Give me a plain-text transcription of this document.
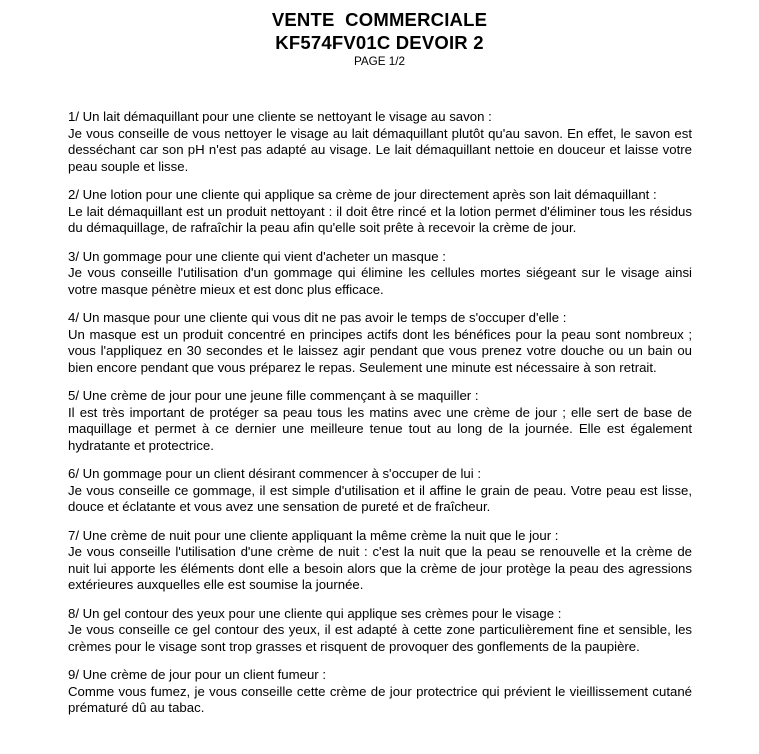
VENTE  COMMERCIALE
KF574FV01C DEVOIR 2
PAGE 1/2
1/ Un lait démaquillant pour une cliente se nettoyant le visage au savon :
Je vous conseille de vous nettoyer le visage au lait démaquillant plutôt qu'au savon. En effet, le savon est desséchant car son pH n'est pas adapté au visage. Le lait démaquillant nettoie en douceur et laisse votre peau souple et lisse.
2/ Une lotion pour une cliente qui applique sa crème de jour directement après son lait démaquillant :
Le lait démaquillant est un produit nettoyant : il doit être rincé et la lotion permet d'éliminer tous les résidus du démaquillage, de rafraîchir la peau afin qu'elle soit prête à recevoir la crème de jour.
3/ Un gommage pour une cliente qui vient d'acheter un masque :
Je vous conseille l'utilisation d'un gommage qui élimine les cellules mortes siégeant sur le visage ainsi votre masque pénètre mieux et est donc plus efficace.
4/ Un masque pour une cliente qui vous dit ne pas avoir le temps de s'occuper d'elle :
Un masque est un produit concentré en principes actifs dont les bénéfices pour la peau sont nombreux ; vous l'appliquez en 30 secondes et le laissez agir pendant que vous prenez votre douche ou un bain ou bien encore pendant que vous préparez le repas. Seulement une minute est nécessaire à son retrait.
5/ Une crème de jour pour une jeune fille commençant à se maquiller :
Il est très important de protéger sa peau tous les matins avec une crème de jour ; elle sert de base de maquillage et permet à ce dernier une meilleure tenue tout au long de la journée. Elle est également hydratante et protectrice.
6/ Un gommage pour un client désirant commencer à s'occuper de lui :
Je vous conseille ce gommage, il est simple d'utilisation et il affine le grain de peau. Votre peau est lisse, douce et éclatante et vous avez une sensation de pureté et de fraîcheur.
7/ Une crème de nuit pour une cliente appliquant la même crème la nuit que le jour :
Je vous conseille l'utilisation d'une crème de nuit : c'est la nuit que la peau se renouvelle et la crème de nuit lui apporte les éléments dont elle a besoin alors que la crème de jour protège la peau des agressions extérieures auxquelles elle est soumise la journée.
8/ Un gel contour des yeux pour une cliente qui applique ses crèmes pour le visage :
Je vous conseille ce gel contour des yeux, il est adapté à cette zone particulièrement fine et sensible, les crèmes pour le visage sont trop grasses et risquent de provoquer des gonflements de la paupière.
9/ Une crème de jour pour un client fumeur :
Comme vous fumez, je vous conseille cette crème de jour protectrice qui prévient le vieillissement cutané prématuré dû au tabac.
